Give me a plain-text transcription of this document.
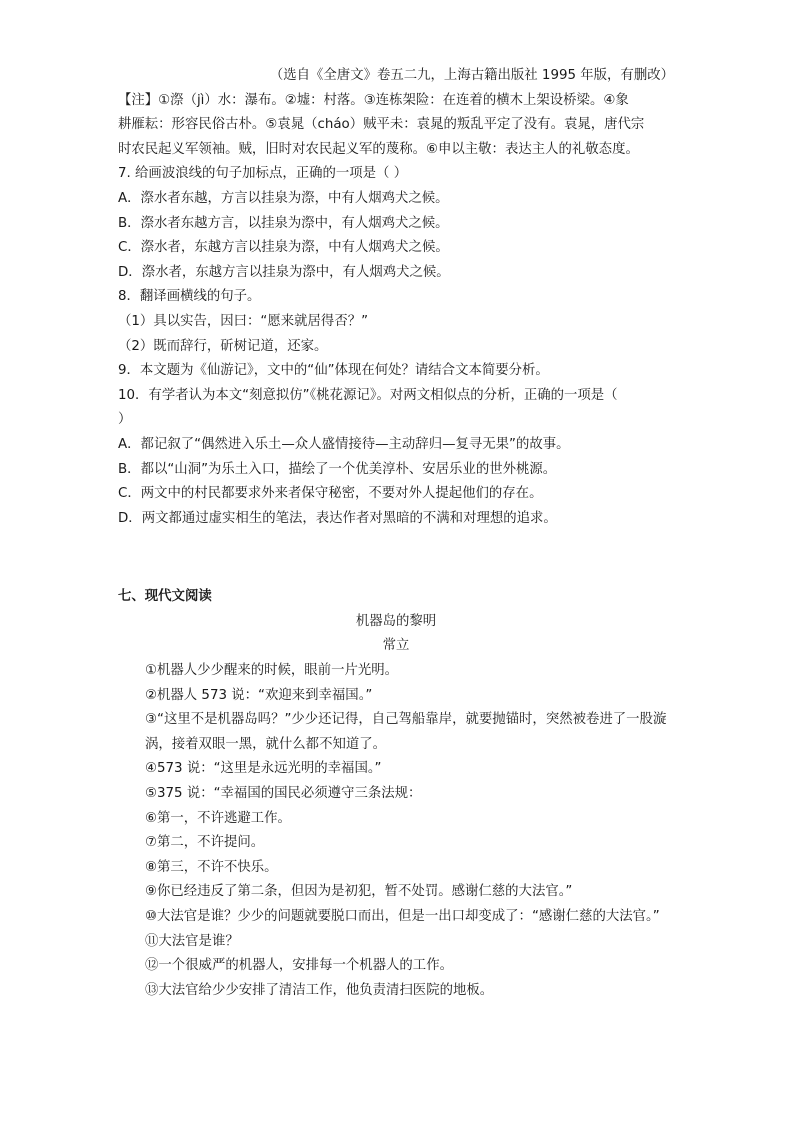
（选自《全唐文》卷五二九，上海古籍出版社 1995 年版，有删改）
【注】①漈（jì）水：瀑布。②墟：村落。③连栋架险：在连着的横木上架设桥梁。④象
耕雁耘：形容民俗古朴。⑤袁晁（cháo）贼平未：袁晁的叛乱平定了没有。袁晁，唐代宗
时农民起义军领袖。贼，旧时对农民起义军的蔑称。⑥申以主敬：表达主人的礼敬态度。
7. 给画波浪线的句子加标点，正确的一项是（ ）
A．漈水者东越，方言以挂泉为漈，中有人烟鸡犬之候。
B．漈水者东越方言，以挂泉为漈中，有人烟鸡犬之候。
C．漈水者，东越方言以挂泉为漈，中有人烟鸡犬之候。
D．漈水者，东越方言以挂泉为漈中，有人烟鸡犬之候。
8．翻译画横线的句子。
（1）具以实告，因曰：“愿来就居得否？”
（2）既而辞行，斫树记道，还家。
9．本文题为《仙游记》，文中的“仙”体现在何处？请结合文本简要分析。
10．有学者认为本文“刻意拟仿”《桃花源记》。对两文相似点的分析，正确的一项是（
）
A．都记叙了“偶然进入乐土—众人盛情接待—主动辞归—复寻无果”的故事。
B．都以“山洞”为乐土入口，描绘了一个优美淳朴、安居乐业的世外桃源。
C．两文中的村民都要求外来者保守秘密，不要对外人提起他们的存在。
D．两文都通过虚实相生的笔法，表达作者对黑暗的不满和对理想的追求。
七、现代文阅读
机器岛的黎明
常立
①机器人少少醒来的时候，眼前一片光明。
②机器人 573 说：“欢迎来到幸福国。”
③“这里不是机器岛吗？”少少还记得，自己驾船靠岸，就要抛锚时，突然被卷进了一股漩涡，接着双眼一黑，就什么都不知道了。
④573 说：“这里是永远光明的幸福国。”
⑤375 说：“幸福国的国民必须遵守三条法规：
⑥第一，不许逃避工作。
⑦第二，不许提问。
⑧第三，不许不快乐。
⑨你已经违反了第二条，但因为是初犯，暂不处罚。感谢仁慈的大法官。”
⑩大法官是谁？少少的问题就要脱口而出，但是一出口却变成了：“感谢仁慈的大法官。”
⑪大法官是谁？
⑫一个很威严的机器人，安排每一个机器人的工作。
⑬大法官给少少安排了清洁工作，他负责清扫医院的地板。
